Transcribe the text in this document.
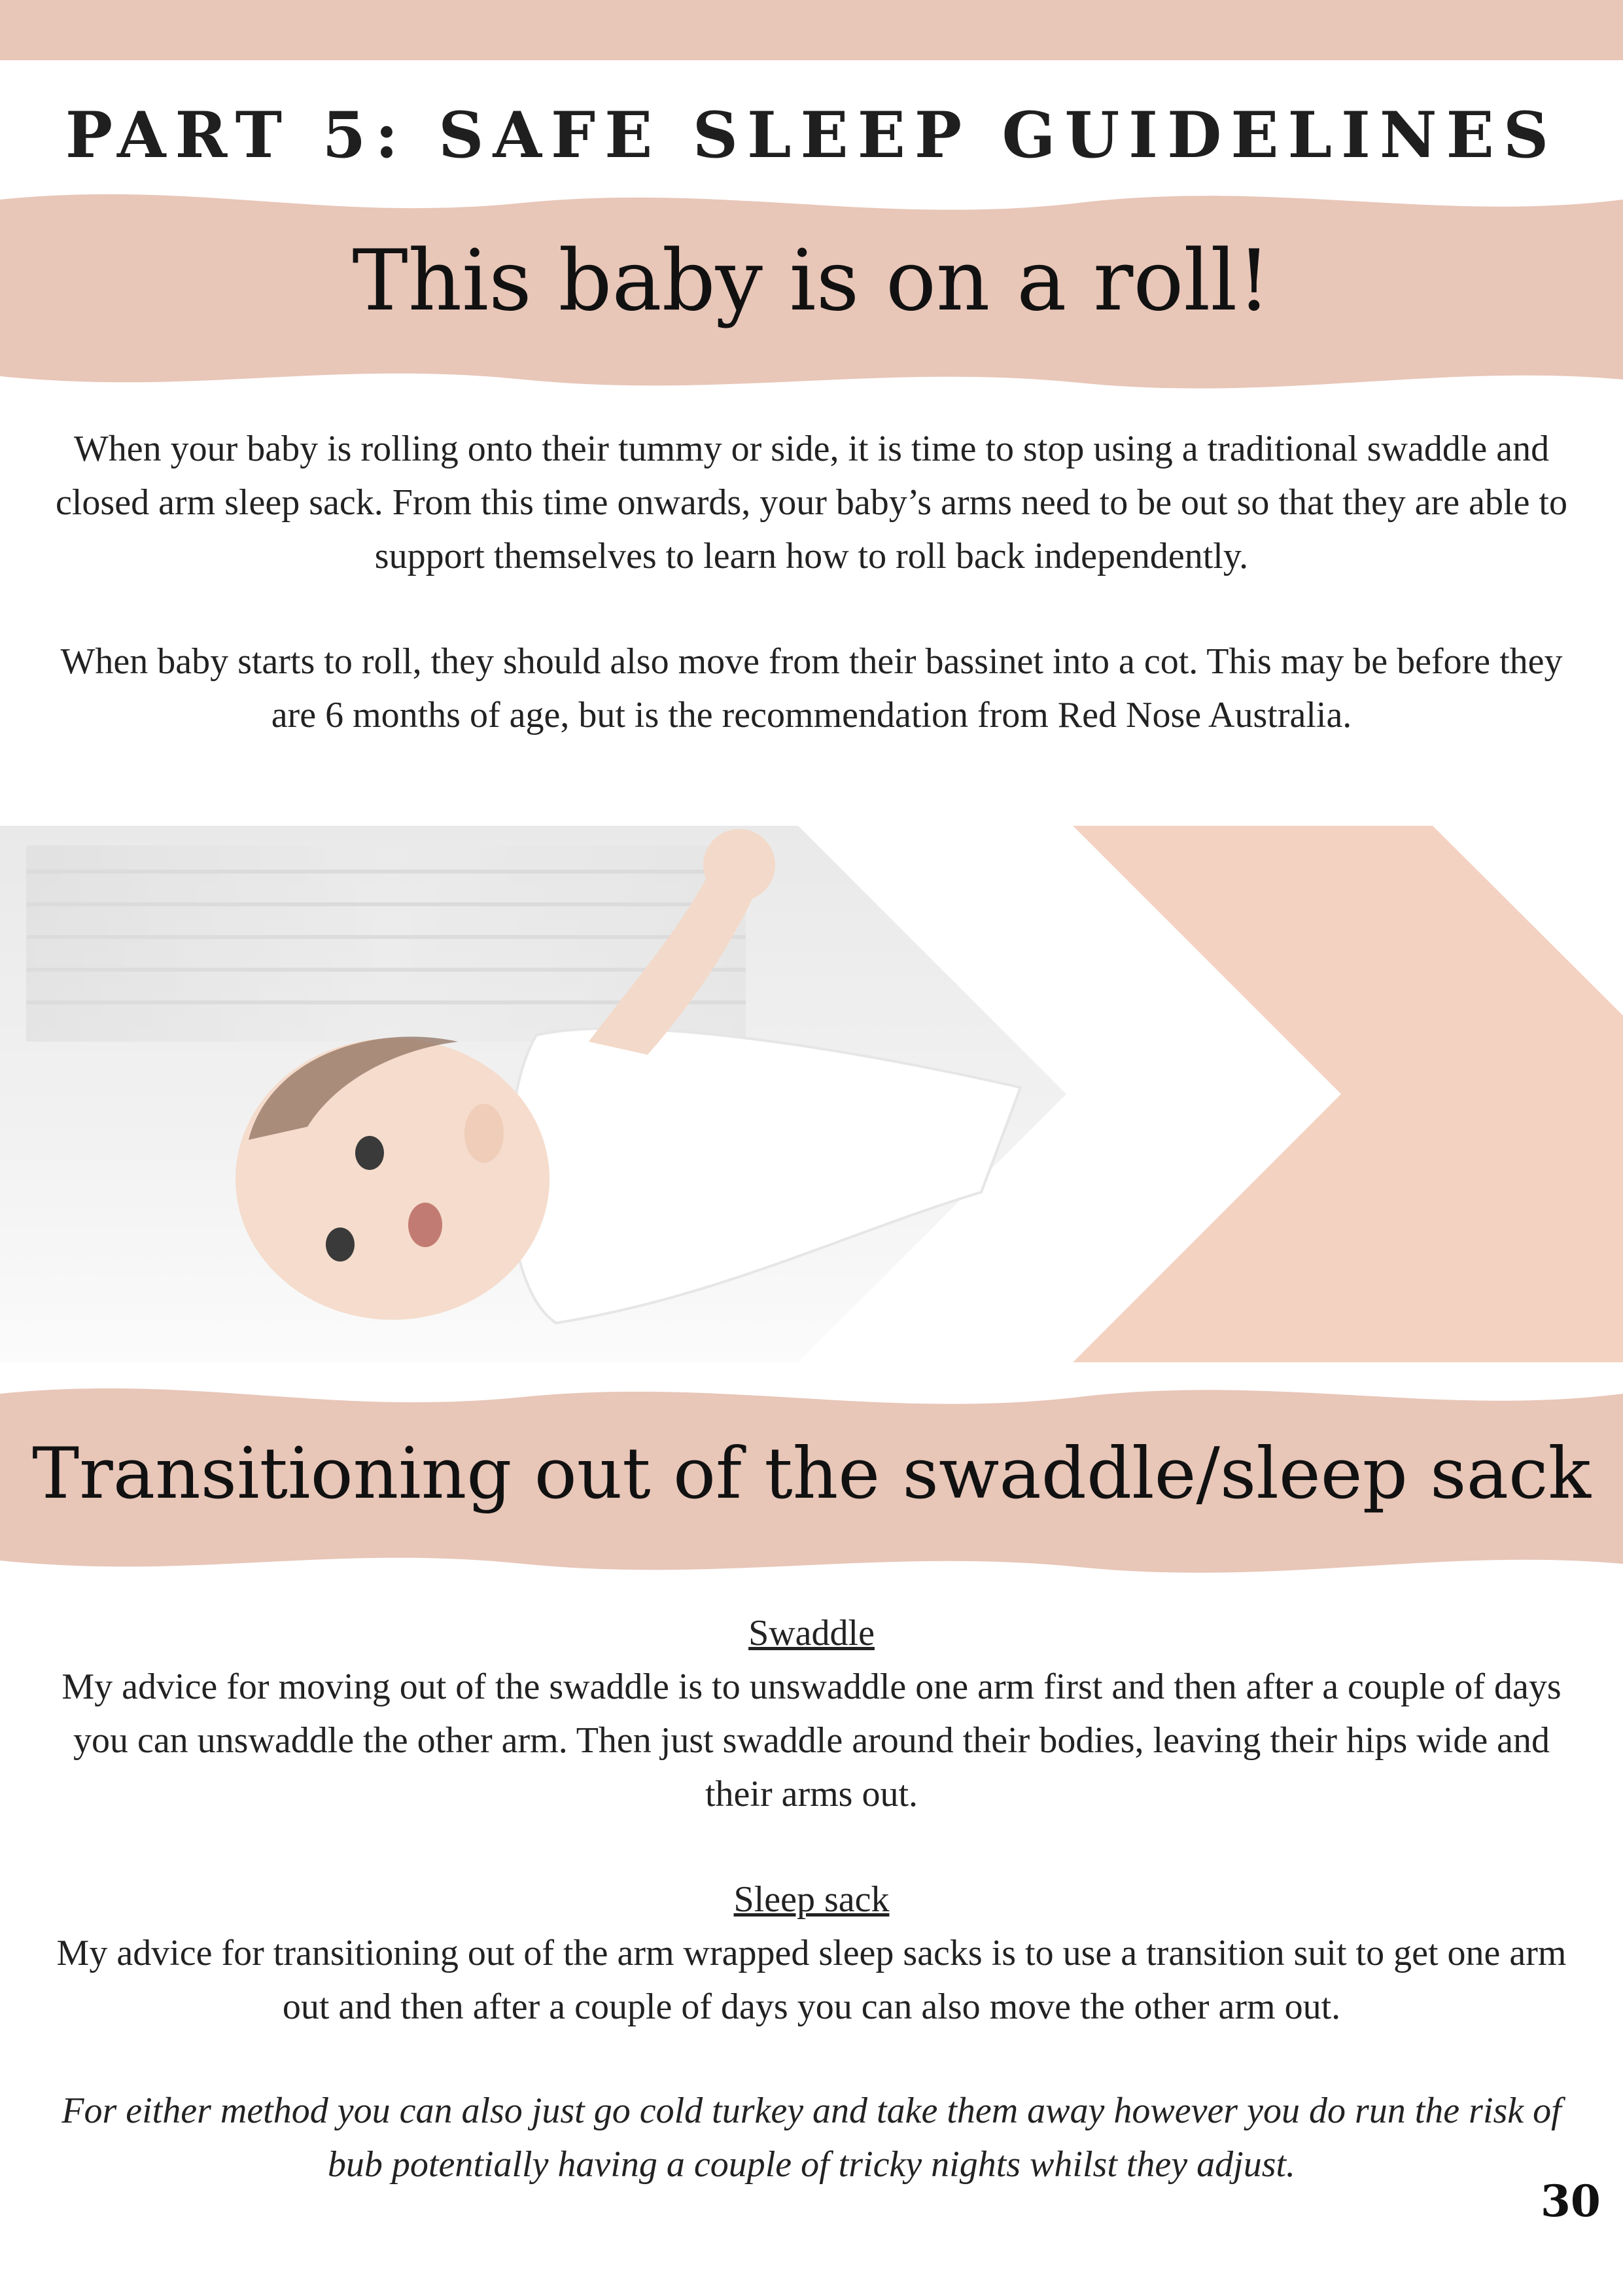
PART 5: SAFE SLEEP GUIDELINES
This baby is on a roll!
When your baby is rolling onto their tummy or side, it is time to stop using a traditional swaddle and closed arm sleep sack. From this time onwards, your baby’s arms need to be out so that they are able to support themselves to learn how to roll back independently.
When baby starts to roll, they should also move from their bassinet into a cot. This may be before they are 6 months of age, but is the recommendation from Red Nose Australia.
Transitioning out of the swaddle/sleep sack
Swaddle
My advice for moving out of the swaddle is to unswaddle one arm first and then after a couple of days you can unswaddle the other arm. Then just swaddle around their bodies, leaving their hips wide and their arms out.
Sleep sack
My advice for transitioning out of the arm wrapped sleep sacks is to use a transition suit to get one arm out and then after a couple of days you can also move the other arm out.
For either method you can also just go cold turkey and take them away however you do run the risk of bub potentially having a couple of tricky nights whilst they adjust.
30
